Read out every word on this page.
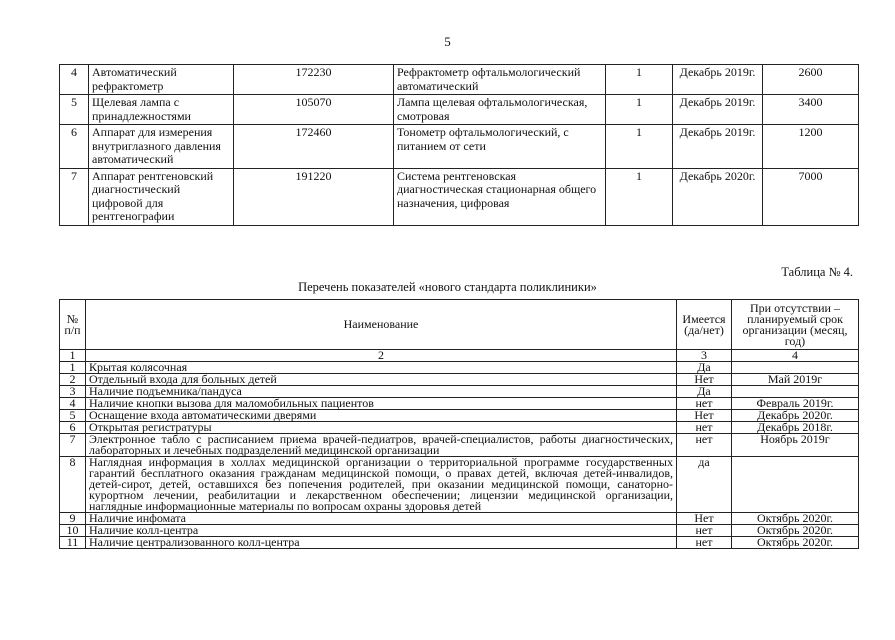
5
4	Автоматический рефрактометр	172230	Рефрактометр офтальмологический автоматический	1	Декабрь 2019г.	2600
5	Щелевая лампа с принадлежностями	105070	Лампа щелевая офтальмологическая, смотровая	1	Декабрь 2019г.	3400
6	Аппарат для измерения внутриглазного давления автоматический	172460	Тонометр офтальмологический, с питанием от сети	1	Декабрь 2019г.	1200
7	Аппарат рентгеновский диагностический цифровой для рентгенографии	191220	Система рентгеновская диагностическая стационарная общего назначения, цифровая	1	Декабрь 2020г.	7000
Таблица № 4.
Перечень показателей «нового стандарта поликлиники»
№ п/п	Наименование	Имеется (да/нет)	При отсутствии – планируемый срок организации (месяц, год)
1	2	3	4
1	Крытая колясочная	Да	
2	Отдельный входа для больных детей	Нет	Май 2019г
3	Наличие подъемника/пандуса	Да	
4	Наличие кнопки вызова для маломобильных пациентов	нет	Февраль 2019г.
5	Оснащение входа автоматическими дверями	Нет	Декабрь 2020г.
6	Открытая регистратуры	нет	Декабрь 2018г.
7	Электронное табло с расписанием приема врачей-педиатров, врачей-специалистов, работы диагностических, лабораторных и лечебных подразделений медицинской организации	нет	Ноябрь 2019г
8	Наглядная информация в холлах медицинской организации о территориальной программе государственных гарантий бесплатного оказания гражданам медицинской помощи, о правах детей, включая детей-инвалидов, детей-сирот, детей, оставшихся без попечения родителей, при оказании медицинской помощи, санаторно-курортном лечении, реабилитации и лекарственном обеспечении; лицензии медицинской организации, наглядные информационные материалы по вопросам охраны здоровья детей	да	
9	Наличие инфомата	Нет	Октябрь 2020г.
10	Наличие колл-центра	нет	Октябрь 2020г.
11	Наличие централизованного колл-центра	нет	Октябрь 2020г.
